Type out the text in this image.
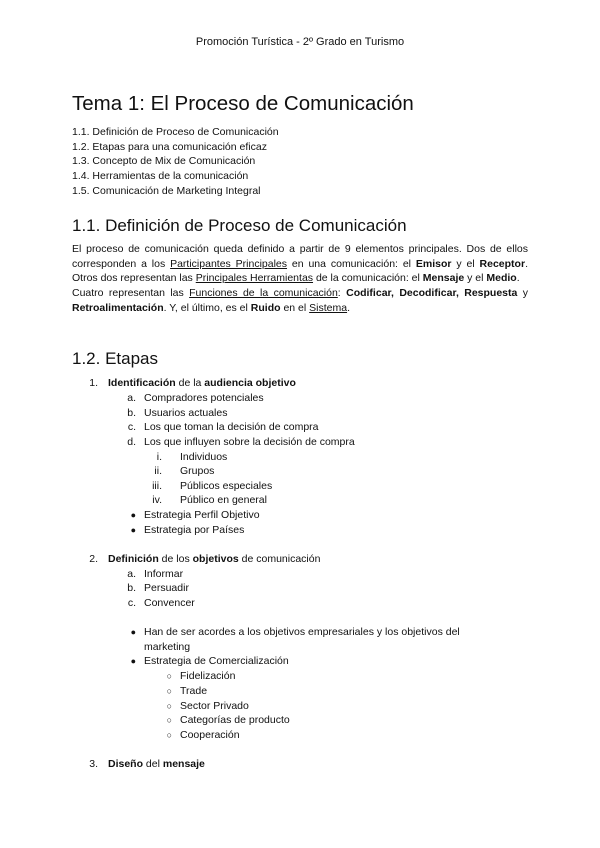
Promoción Turística - 2º Grado en Turismo
Tema 1: El Proceso de Comunicación
1.1. Definición de Proceso de Comunicación
1.2. Etapas para una comunicación eficaz
1.3. Concepto de Mix de Comunicación
1.4. Herramientas de la comunicación
1.5. Comunicación de Marketing Integral
1.1. Definición de Proceso de Comunicación
El proceso de comunicación queda definido a partir de 9 elementos principales. Dos de ellos corresponden a los Participantes Principales en una comunicación: el Emisor y el Receptor. Otros dos representan las Principales Herramientas de la comunicación: el Mensaje y el Medio.
Cuatro representan las Funciones de la comunicación: Codificar, Decodificar, Respuesta y Retroalimentación. Y, el último, es el Ruido en el Sistema.
1.2. Etapas
1. Identificación de la audiencia objetivo
a. Compradores potenciales
b. Usuarios actuales
c. Los que toman la decisión de compra
d. Los que influyen sobre la decisión de compra
i. Individuos
ii. Grupos
iii. Públicos especiales
iv. Público en general
● Estrategia Perfil Objetivo
● Estrategia por Países
2. Definición de los objetivos de comunicación
a. Informar
b. Persuadir
c. Convencer
● Han de ser acordes a los objetivos empresariales y los objetivos del
marketing
● Estrategia de Comercialización
○ Fidelización
○ Trade
○ Sector Privado
○ Categorías de producto
○ Cooperación
3. Diseño del mensaje
